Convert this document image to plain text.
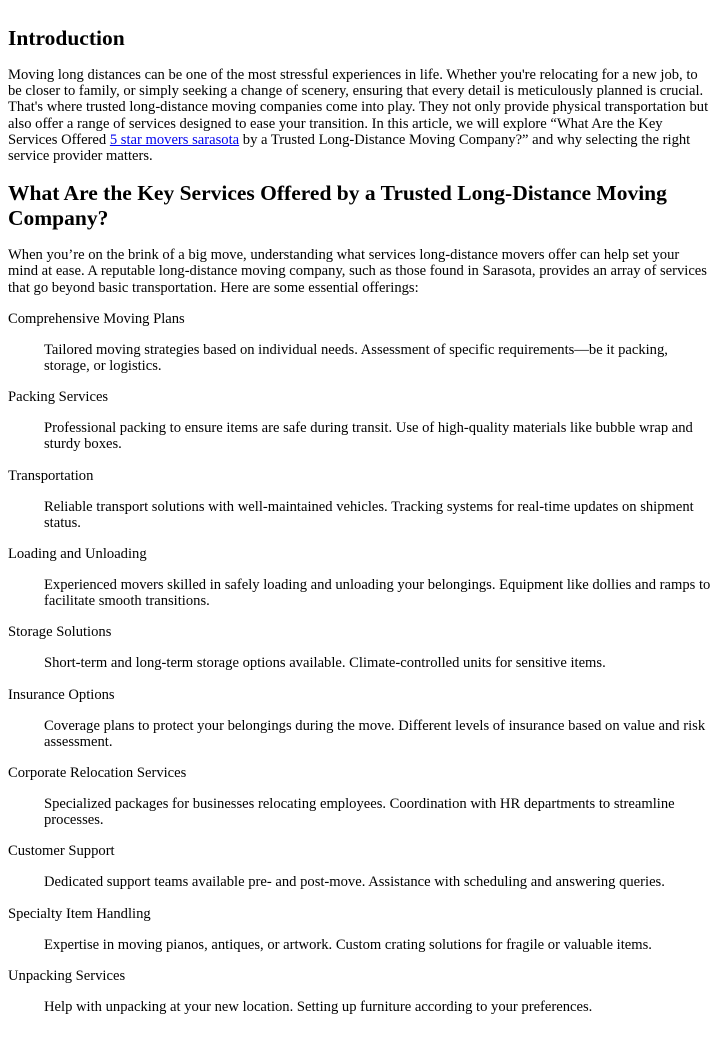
Introduction

Moving long distances can be one of the most stressful experiences in life. Whether you're relocating for a new job, to be closer to family, or simply seeking a change of scenery, ensuring that every detail is meticulously planned is crucial. That's where trusted long-distance moving companies come into play. They not only provide physical transportation but also offer a range of services designed to ease your transition. In this article, we will explore “What Are the Key Services Offered 5 star movers sarasota by a Trusted Long-Distance Moving Company?” and why selecting the right service provider matters.

What Are the Key Services Offered by a Trusted Long-Distance Moving Company?

When you’re on the brink of a big move, understanding what services long-distance movers offer can help set your mind at ease. A reputable long-distance moving company, such as those found in Sarasota, provides an array of services that go beyond basic transportation. Here are some essential offerings:

Comprehensive Moving Plans
Tailored moving strategies based on individual needs. Assessment of specific requirements—be it packing, storage, or logistics.
Packing Services
Professional packing to ensure items are safe during transit. Use of high-quality materials like bubble wrap and sturdy boxes.
Transportation
Reliable transport solutions with well-maintained vehicles. Tracking systems for real-time updates on shipment status.
Loading and Unloading
Experienced movers skilled in safely loading and unloading your belongings. Equipment like dollies and ramps to facilitate smooth transitions.
Storage Solutions
Short-term and long-term storage options available. Climate-controlled units for sensitive items.
Insurance Options
Coverage plans to protect your belongings during the move. Different levels of insurance based on value and risk assessment.
Corporate Relocation Services
Specialized packages for businesses relocating employees. Coordination with HR departments to streamline processes.
Customer Support
Dedicated support teams available pre- and post-move. Assistance with scheduling and answering queries.
Specialty Item Handling
Expertise in moving pianos, antiques, or artwork. Custom crating solutions for fragile or valuable items.
Unpacking Services
Help with unpacking at your new location. Setting up furniture according to your preferences.
